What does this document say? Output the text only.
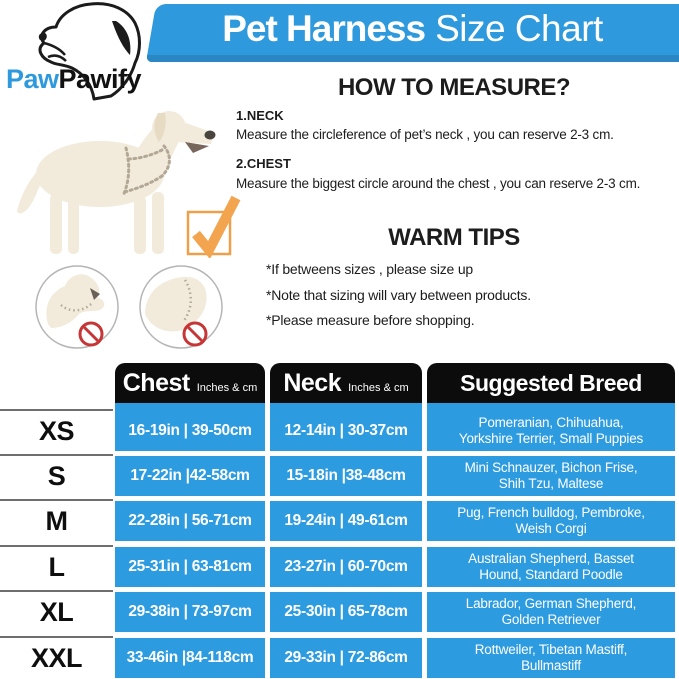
Pet Harness Size Chart
PawPawify	HOW TO MEASURE?
1.NECK
Measure the circleference of pet’s neck , you can reserve 2-3 cm.
2.CHEST
Measure the biggest circle around the chest , you can reserve 2-3 cm.
WARM TIPS
*If betweens sizes , please size up
*Note that sizing will vary between products.
*Please measure before shopping.
Chest Inches & cm Neck Inches & cm Suggested Breed
XS	16-19in | 39-50cm	12-14in | 30-37cm	Pomeranian, Chihuahua,
Yorkshire Terrier, Small Puppies
S	17-22in |42-58cm	15-18in |38-48cm	Mini Schnauzer, Bichon Frise,
Shih Tzu, Maltese
M	22-28in | 56-71cm	19-24in | 49-61cm	Pug, French bulldog, Pembroke,
Weish Corgi
L	25-31in | 63-81cm	23-27in | 60-70cm	Australian Shepherd, Basset
Hound, Standard Poodle
XL	29-38in | 73-97cm	25-30in | 65-78cm	Labrador, German Shepherd,
Golden Retriever
XXL	33-46in |84-118cm	29-33in | 72-86cm	Rottweiler, Tibetan Mastiff,
Bullmastiff
